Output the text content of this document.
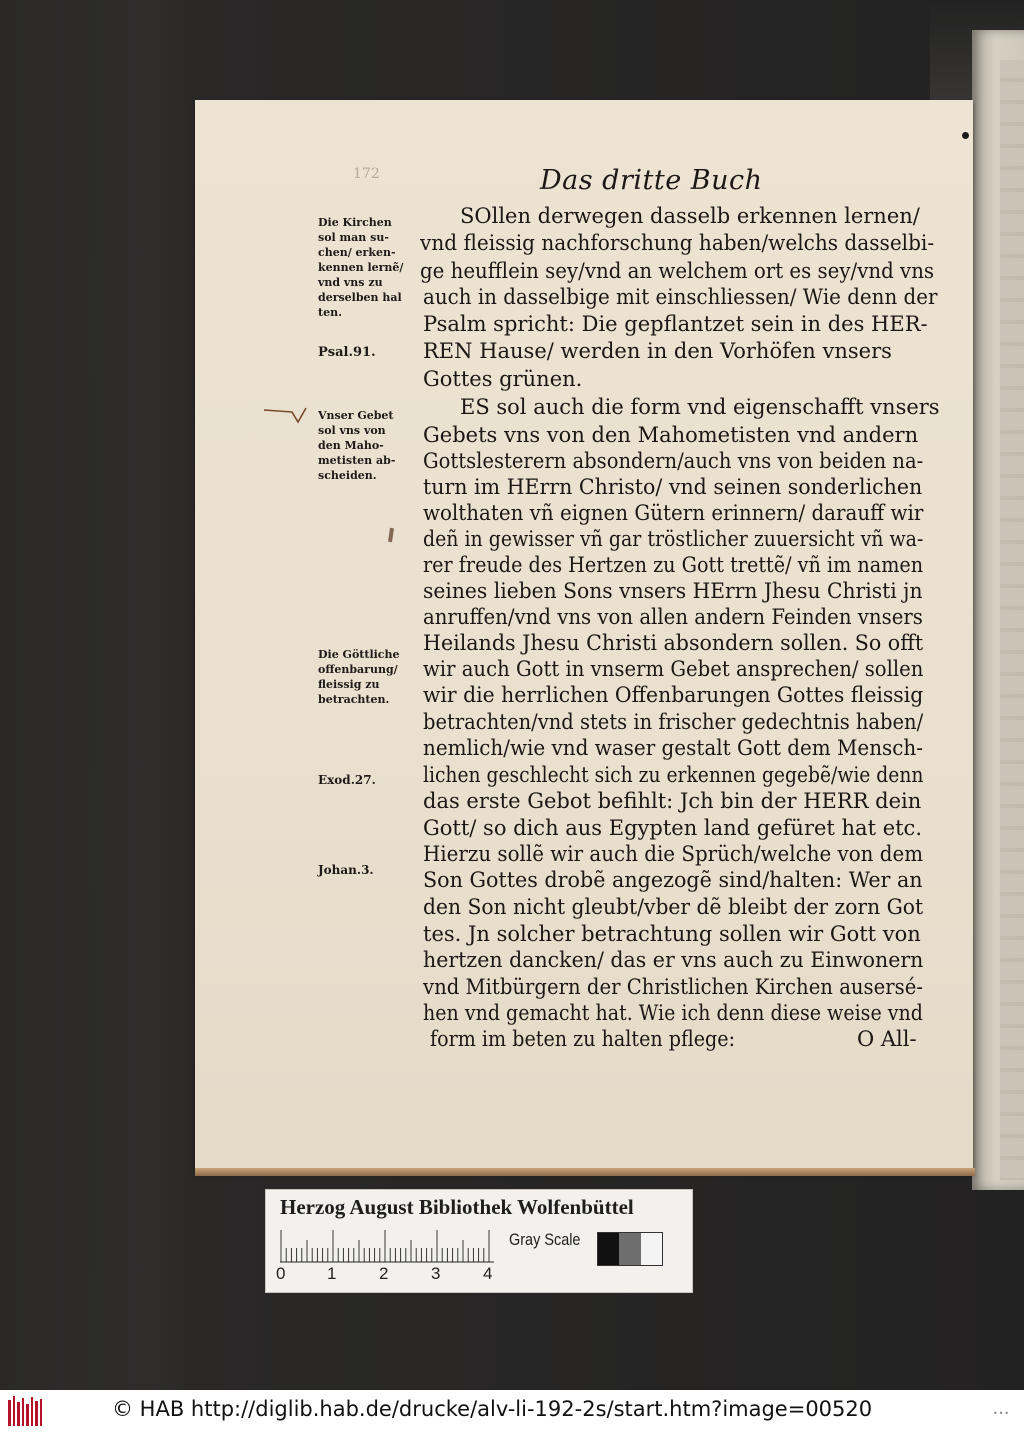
172	Das dritte Buch
SOllen derwegen dasselb erkennen lernen/
vnd fleissig nachforschung haben/welchs dasselbi-
ge heufflein sey/vnd an welchem ort es sey/vnd vns
auch in dasselbige mit einschliessen/ Wie denn der
Psalm spricht: Die gepflantzet sein in des HER-
REN Hause/ werden in den Vorhöfen vnsers
Gottes grünen.
ES sol auch die form vnd eigenschafft vnsers
Gebets vns von den Mahometisten vnd andern
Gottslesterern absondern/auch vns von beiden na-
turn im HErrn Christo/ vnd seinen sonderlichen
wolthaten vñ eignen Gütern erinnern/ darauff wir
deñ in gewisser vñ gar tröstlicher zuuersicht vñ wa-
rer freude des Hertzen zu Gott trettẽ/ vñ im namen
seines lieben Sons vnsers HErrn Jhesu Christi jn
anruffen/vnd vns von allen andern Feinden vnsers
Heilands Jhesu Christi absondern sollen. So offt
wir auch Gott in vnserm Gebet ansprechen/ sollen
wir die herrlichen Offenbarungen Gottes fleissig
betrachten/vnd stets in frischer gedechtnis haben/
nemlich/wie vnd waser gestalt Gott dem Mensch-
lichen geschlecht sich zu erkennen gegebẽ/wie denn
das erste Gebot befihlt: Jch bin der HERR dein
Gott/ so dich aus Egypten land gefüret hat etc.
Hierzu sollẽ wir auch die Sprüch/welche von dem
Son Gottes drobẽ angezogẽ sind/halten: Wer an
den Son nicht gleubt/vber dẽ bleibt der zorn Got
tes. Jn solcher betrachtung sollen wir Gott von
hertzen dancken/ das er vns auch zu Einwonern
vnd Mitbürgern der Christlichen Kirchen ausersé-
hen vnd gemacht hat. Wie ich denn diese weise vnd
form im beten zu halten pflege:	O All-
Die Kirchen
sol man su-
chen/ erken-
kennen lernẽ/
vnd vns zu
derselben hal
ten.
Psal.91.
Vnser Gebet
sol vns von
den Maho-
metisten ab-
scheiden.
Die Göttliche
offenbarung/
fleissig zu
betrachten.
Exod.27.
Johan.3.
Herzog August Bibliothek Wolfenbüttel
Gray Scale
0 1	2	3	4
© HAB http://diglib.hab.de/drucke/alv-li-192-2s/start.htm?image=00520	•••
